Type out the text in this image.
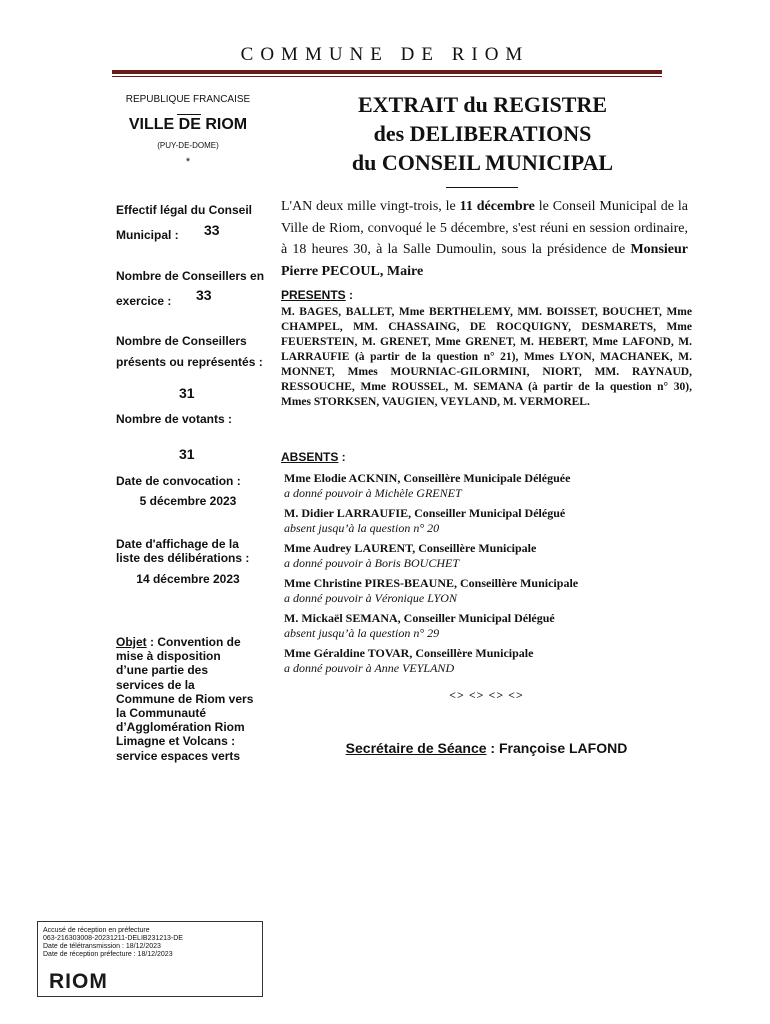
COMMUNE DE RIOM
REPUBLIQUE FRANCAISE
VILLE DE RIOM
(PUY-DE-DOME)
*
EXTRAIT du REGISTRE
des DELIBERATIONS
du CONSEIL MUNICIPAL
Effectif légal du Conseil Municipal :	33
Nombre de Conseillers en exercice :	33
Nombre de Conseillers présents ou représentés :
31
Nombre de votants :
31
Date de convocation :
5 décembre 2023
Date d'affichage de la liste des délibérations :
14 décembre 2023
Objet : Convention de mise à disposition d’une partie des services de la Commune de Riom vers la Communauté d’Agglomération Riom Limagne et Volcans : service espaces verts
L'AN deux mille vingt-trois, le 11 décembre le Conseil Municipal de la Ville de Riom, convoqué le 5 décembre, s'est réuni en session ordinaire, à 18 heures 30, à la Salle Dumoulin, sous la présidence de Monsieur Pierre PECOUL, Maire
PRESENTS :
M. BAGES, BALLET, Mme BERTHELEMY, MM. BOISSET, BOUCHET, Mme CHAMPEL, MM. CHASSAING, DE ROCQUIGNY, DESMARETS, Mme FEUERSTEIN, M. GRENET, Mme GRENET, M. HEBERT, Mme LAFOND, M. LARRAUFIE (à partir de la question n° 21), Mmes LYON, MACHANEK, M. MONNET, Mmes MOURNIAC-GILORMINI, NIORT, MM. RAYNAUD, RESSOUCHE, Mme ROUSSEL, M. SEMANA (à partir de la question n° 30), Mmes STORKSEN, VAUGIEN, VEYLAND, M. VERMOREL.
ABSENTS :
Mme Elodie ACKNIN, Conseillère Municipale Déléguée
a donné pouvoir à Michèle GRENET
M. Didier LARRAUFIE, Conseiller Municipal Délégué
absent jusqu’à la question n° 20
Mme Audrey LAURENT, Conseillère Municipale
a donné pouvoir à Boris BOUCHET
Mme Christine PIRES-BEAUNE, Conseillère Municipale
a donné pouvoir à Véronique LYON
M. Mickaël SEMANA, Conseiller Municipal Délégué
absent jusqu’à la question n° 29
Mme Géraldine TOVAR, Conseillère Municipale
a donné pouvoir à Anne VEYLAND
<> <> <> <>
Secrétaire de Séance : Françoise LAFOND
Accusé de réception en préfecture
063-216303008-20231211-DELIB231213-DE
Date de télétransmission : 18/12/2023
Date de réception préfecture : 18/12/2023
RIOM
